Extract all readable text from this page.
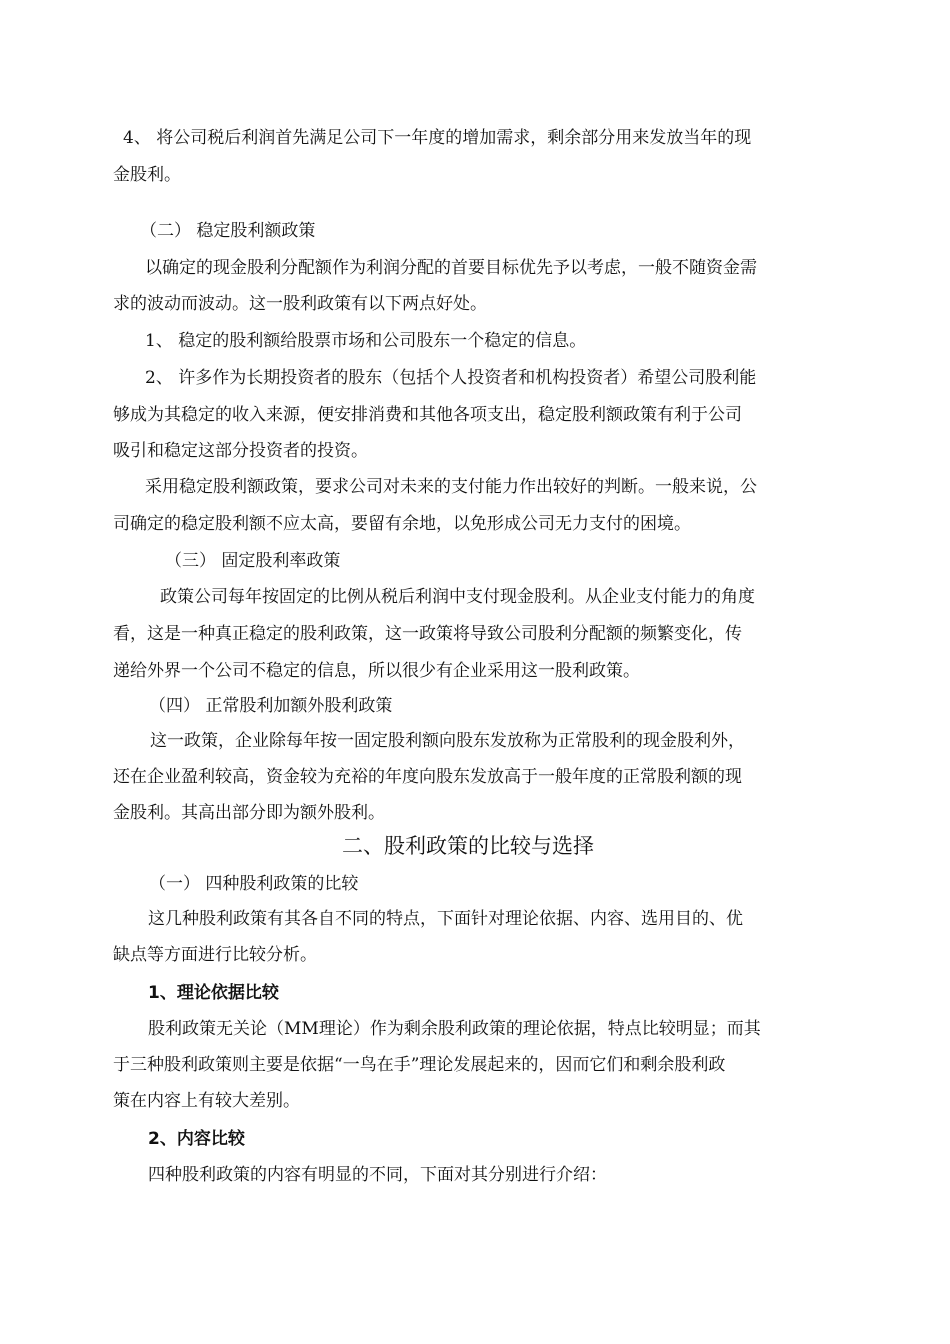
4、 将公司税后利润首先满足公司下一年度的增加需求，剩余部分用来发放当年的现
金股利。
（二） 稳定股利额政策
以确定的现金股利分配额作为利润分配的首要目标优先予以考虑，一般不随资金需
求的波动而波动。这一股利政策有以下两点好处。
1、 稳定的股利额给股票市场和公司股东一个稳定的信息。
2、 许多作为长期投资者的股东（包括个人投资者和机构投资者）希望公司股利能
够成为其稳定的收入来源，便安排消费和其他各项支出，稳定股利额政策有利于公司
吸引和稳定这部分投资者的投资。
采用稳定股利额政策，要求公司对未来的支付能力作出较好的判断。一般来说，公
司确定的稳定股利额不应太高，要留有余地，以免形成公司无力支付的困境。
（三） 固定股利率政策
政策公司每年按固定的比例从税后利润中支付现金股利。从企业支付能力的角度
看，这是一种真正稳定的股利政策，这一政策将导致公司股利分配额的频繁变化，传
递给外界一个公司不稳定的信息，所以很少有企业采用这一股利政策。
（四） 正常股利加额外股利政策
这一政策，企业除每年按一固定股利额向股东发放称为正常股利的现金股利外，
还在企业盈利较高，资金较为充裕的年度向股东发放高于一般年度的正常股利额的现
金股利。其高出部分即为额外股利。
二、股利政策的比较与选择
（一） 四种股利政策的比较
这几种股利政策有其各自不同的特点，下面针对理论依据、内容、选用目的、优
缺点等方面进行比较分析。
1、理论依据比较
股利政策无关论（MM理论）作为剩余股利政策的理论依据，特点比较明显；而其
于三种股利政策则主要是依据“一鸟在手”理论发展起来的，因而它们和剩余股利政
策在内容上有较大差别。
2、内容比较
四种股利政策的内容有明显的不同，下面对其分别进行介绍：
